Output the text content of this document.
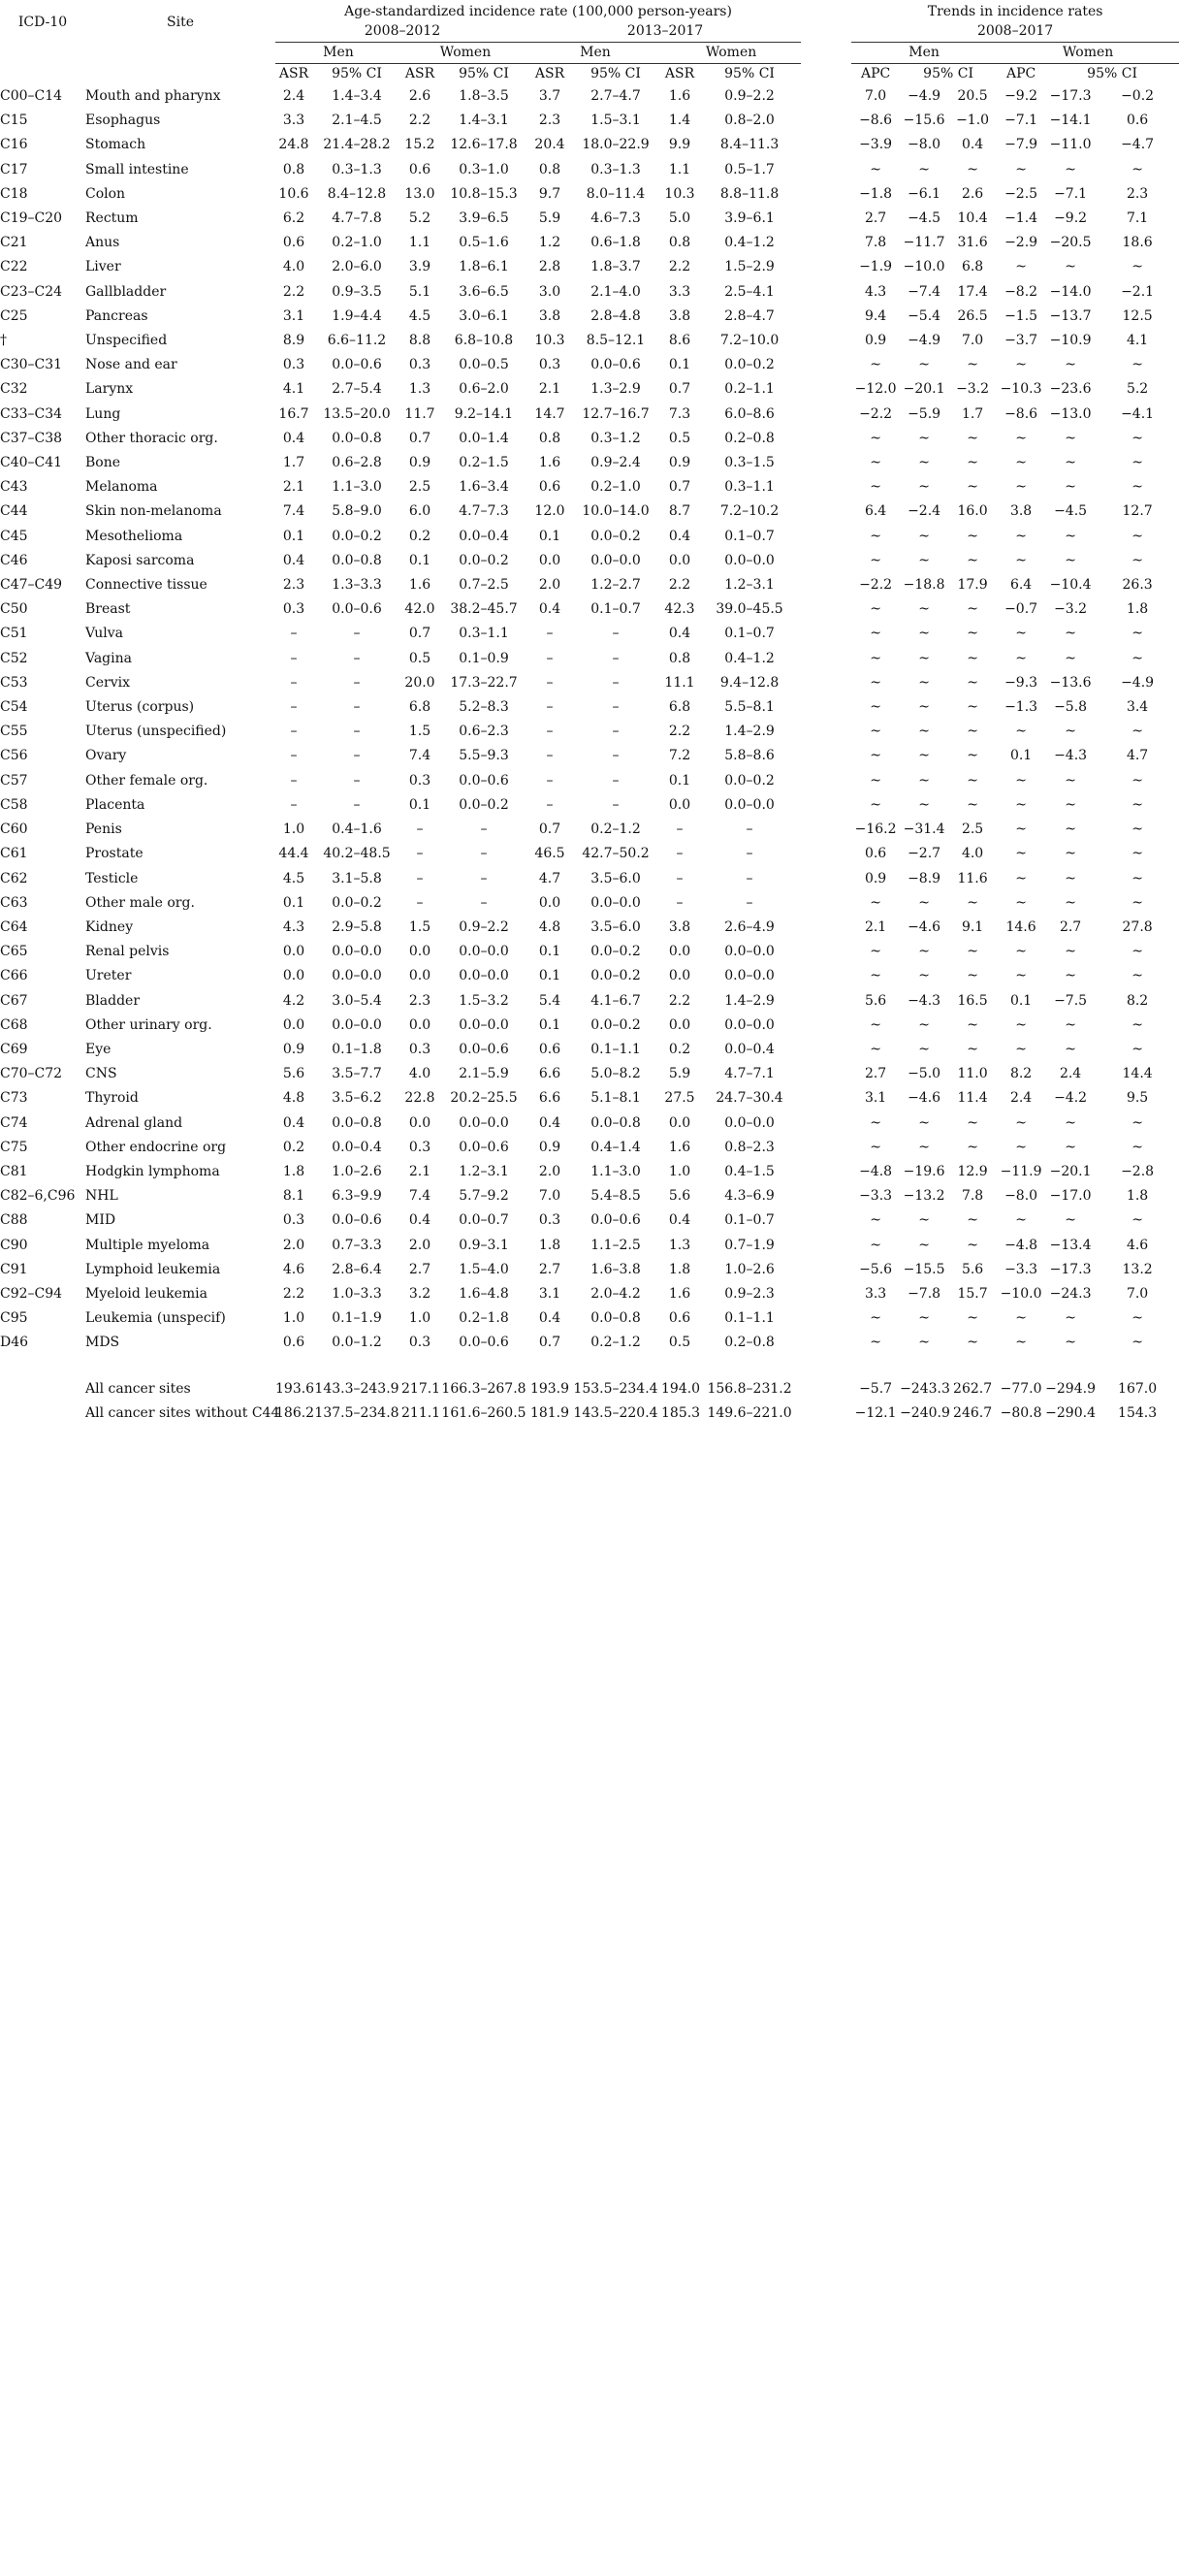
ICD-10	Site	Age-standardized incidence rate (100,000 person-years)									Trends in incidence rates					
		2008–2012				2013–2017					2008–2017					
		Men		Women		Men		Women			Men			Women		
		ASR	95% CI	ASR	95% CI	ASR	95% CI	ASR	95% CI		APC	95% CI		APC	95% CI	
C00–C14	Mouth and pharynx	2.4	1.4–3.4	2.6	1.8–3.5	3.7	2.7–4.7	1.6	0.9–2.2		7.0	−4.9	20.5	−9.2	−17.3	−0.2
C15	Esophagus	3.3	2.1–4.5	2.2	1.4–3.1	2.3	1.5–3.1	1.4	0.8–2.0		−8.6	−15.6	−1.0	−7.1	−14.1	0.6
C16	Stomach	24.8	21.4–28.2	15.2	12.6–17.8	20.4	18.0–22.9	9.9	8.4–11.3		−3.9	−8.0	0.4	−7.9	−11.0	−4.7
C17	Small intestine	0.8	0.3–1.3	0.6	0.3–1.0	0.8	0.3–1.3	1.1	0.5–1.7		~	~	~	~	~	~
C18	Colon	10.6	8.4–12.8	13.0	10.8–15.3	9.7	8.0–11.4	10.3	8.8–11.8		−1.8	−6.1	2.6	−2.5	−7.1	2.3
C19–C20	Rectum	6.2	4.7–7.8	5.2	3.9–6.5	5.9	4.6–7.3	5.0	3.9–6.1		2.7	−4.5	10.4	−1.4	−9.2	7.1
C21	Anus	0.6	0.2–1.0	1.1	0.5–1.6	1.2	0.6–1.8	0.8	0.4–1.2		7.8	−11.7	31.6	−2.9	−20.5	18.6
C22	Liver	4.0	2.0–6.0	3.9	1.8–6.1	2.8	1.8–3.7	2.2	1.5–2.9		−1.9	−10.0	6.8	~	~	~
C23–C24	Gallbladder	2.2	0.9–3.5	5.1	3.6–6.5	3.0	2.1–4.0	3.3	2.5–4.1		4.3	−7.4	17.4	−8.2	−14.0	−2.1
C25	Pancreas	3.1	1.9–4.4	4.5	3.0–6.1	3.8	2.8–4.8	3.8	2.8–4.7		9.4	−5.4	26.5	−1.5	−13.7	12.5
†	Unspecified	8.9	6.6–11.2	8.8	6.8–10.8	10.3	8.5–12.1	8.6	7.2–10.0		0.9	−4.9	7.0	−3.7	−10.9	4.1
C30–C31	Nose and ear	0.3	0.0–0.6	0.3	0.0–0.5	0.3	0.0–0.6	0.1	0.0–0.2		~	~	~	~	~	~
C32	Larynx	4.1	2.7–5.4	1.3	0.6–2.0	2.1	1.3–2.9	0.7	0.2–1.1		−12.0	−20.1	−3.2	−10.3	−23.6	5.2
C33–C34	Lung	16.7	13.5–20.0	11.7	9.2–14.1	14.7	12.7–16.7	7.3	6.0–8.6		−2.2	−5.9	1.7	−8.6	−13.0	−4.1
C37–C38	Other thoracic org.	0.4	0.0–0.8	0.7	0.0–1.4	0.8	0.3–1.2	0.5	0.2–0.8		~	~	~	~	~	~
C40–C41	Bone	1.7	0.6–2.8	0.9	0.2–1.5	1.6	0.9–2.4	0.9	0.3–1.5		~	~	~	~	~	~
C43	Melanoma	2.1	1.1–3.0	2.5	1.6–3.4	0.6	0.2–1.0	0.7	0.3–1.1		~	~	~	~	~	~
C44	Skin non-melanoma	7.4	5.8–9.0	6.0	4.7–7.3	12.0	10.0–14.0	8.7	7.2–10.2		6.4	−2.4	16.0	3.8	−4.5	12.7
C45	Mesothelioma	0.1	0.0–0.2	0.2	0.0–0.4	0.1	0.0–0.2	0.4	0.1–0.7		~	~	~	~	~	~
C46	Kaposi sarcoma	0.4	0.0–0.8	0.1	0.0–0.2	0.0	0.0–0.0	0.0	0.0–0.0		~	~	~	~	~	~
C47–C49	Connective tissue	2.3	1.3–3.3	1.6	0.7–2.5	2.0	1.2–2.7	2.2	1.2–3.1		−2.2	−18.8	17.9	6.4	−10.4	26.3
C50	Breast	0.3	0.0–0.6	42.0	38.2–45.7	0.4	0.1–0.7	42.3	39.0–45.5		~	~	~	−0.7	−3.2	1.8
C51	Vulva	–	–	0.7	0.3–1.1	–	–	0.4	0.1–0.7		~	~	~	~	~	~
C52	Vagina	–	–	0.5	0.1–0.9	–	–	0.8	0.4–1.2		~	~	~	~	~	~
C53	Cervix	–	–	20.0	17.3–22.7	–	–	11.1	9.4–12.8		~	~	~	−9.3	−13.6	−4.9
C54	Uterus (corpus)	–	–	6.8	5.2–8.3	–	–	6.8	5.5–8.1		~	~	~	−1.3	−5.8	3.4
C55	Uterus (unspecified)	–	–	1.5	0.6–2.3	–	–	2.2	1.4–2.9		~	~	~	~	~	~
C56	Ovary	–	–	7.4	5.5–9.3	–	–	7.2	5.8–8.6		~	~	~	0.1	−4.3	4.7
C57	Other female org.	–	–	0.3	0.0–0.6	–	–	0.1	0.0–0.2		~	~	~	~	~	~
C58	Placenta	–	–	0.1	0.0–0.2	–	–	0.0	0.0–0.0		~	~	~	~	~	~
C60	Penis	1.0	0.4–1.6	–	–	0.7	0.2–1.2	–	–		−16.2	−31.4	2.5	~	~	~
C61	Prostate	44.4	40.2–48.5	–	–	46.5	42.7–50.2	–	–		0.6	−2.7	4.0	~	~	~
C62	Testicle	4.5	3.1–5.8	–	–	4.7	3.5–6.0	–	–		0.9	−8.9	11.6	~	~	~
C63	Other male org.	0.1	0.0–0.2	–	–	0.0	0.0–0.0	–	–		~	~	~	~	~	~
C64	Kidney	4.3	2.9–5.8	1.5	0.9–2.2	4.8	3.5–6.0	3.8	2.6–4.9		2.1	−4.6	9.1	14.6	2.7	27.8
C65	Renal pelvis	0.0	0.0–0.0	0.0	0.0–0.0	0.1	0.0–0.2	0.0	0.0–0.0		~	~	~	~	~	~
C66	Ureter	0.0	0.0–0.0	0.0	0.0–0.0	0.1	0.0–0.2	0.0	0.0–0.0		~	~	~	~	~	~
C67	Bladder	4.2	3.0–5.4	2.3	1.5–3.2	5.4	4.1–6.7	2.2	1.4–2.9		5.6	−4.3	16.5	0.1	−7.5	8.2
C68	Other urinary org.	0.0	0.0–0.0	0.0	0.0–0.0	0.1	0.0–0.2	0.0	0.0–0.0		~	~	~	~	~	~
C69	Eye	0.9	0.1–1.8	0.3	0.0–0.6	0.6	0.1–1.1	0.2	0.0–0.4		~	~	~	~	~	~
C70–C72	CNS	5.6	3.5–7.7	4.0	2.1–5.9	6.6	5.0–8.2	5.9	4.7–7.1		2.7	−5.0	11.0	8.2	2.4	14.4
C73	Thyroid	4.8	3.5–6.2	22.8	20.2–25.5	6.6	5.1–8.1	27.5	24.7–30.4		3.1	−4.6	11.4	2.4	−4.2	9.5
C74	Adrenal gland	0.4	0.0–0.8	0.0	0.0–0.0	0.4	0.0–0.8	0.0	0.0–0.0		~	~	~	~	~	~
C75	Other endocrine org	0.2	0.0–0.4	0.3	0.0–0.6	0.9	0.4–1.4	1.6	0.8–2.3		~	~	~	~	~	~
C81	Hodgkin lymphoma	1.8	1.0–2.6	2.1	1.2–3.1	2.0	1.1–3.0	1.0	0.4–1.5		−4.8	−19.6	12.9	−11.9	−20.1	−2.8
C82–6,C96	NHL	8.1	6.3–9.9	7.4	5.7–9.2	7.0	5.4–8.5	5.6	4.3–6.9		−3.3	−13.2	7.8	−8.0	−17.0	1.8
C88	MID	0.3	0.0–0.6	0.4	0.0–0.7	0.3	0.0–0.6	0.4	0.1–0.7		~	~	~	~	~	~
C90	Multiple myeloma	2.0	0.7–3.3	2.0	0.9–3.1	1.8	1.1–2.5	1.3	0.7–1.9		~	~	~	−4.8	−13.4	4.6
C91	Lymphoid leukemia	4.6	2.8–6.4	2.7	1.5–4.0	2.7	1.6–3.8	1.8	1.0–2.6		−5.6	−15.5	5.6	−3.3	−17.3	13.2
C92–C94	Myeloid leukemia	2.2	1.0–3.3	3.2	1.6–4.8	3.1	2.0–4.2	1.6	0.9–2.3		3.3	−7.8	15.7	−10.0	−24.3	7.0
C95	Leukemia (unspecif)	1.0	0.1–1.9	1.0	0.2–1.8	0.4	0.0–0.8	0.6	0.1–1.1		~	~	~	~	~	~
D46	MDS	0.6	0.0–1.2	0.3	0.0–0.6	0.7	0.2–1.2	0.5	0.2–0.8		~	~	~	~	~	~

	All cancer sites	193.6	143.3–243.9	217.1	166.3–267.8	193.9	153.5–234.4	194.0	156.8–231.2		−5.7	−243.3	262.7	−77.0	−294.9	167.0
	All cancer sites without C44	186.2	137.5–234.8	211.1	161.6–260.5	181.9	143.5–220.4	185.3	149.6–221.0		−12.1	−240.9	246.7	−80.8	−290.4	154.3
